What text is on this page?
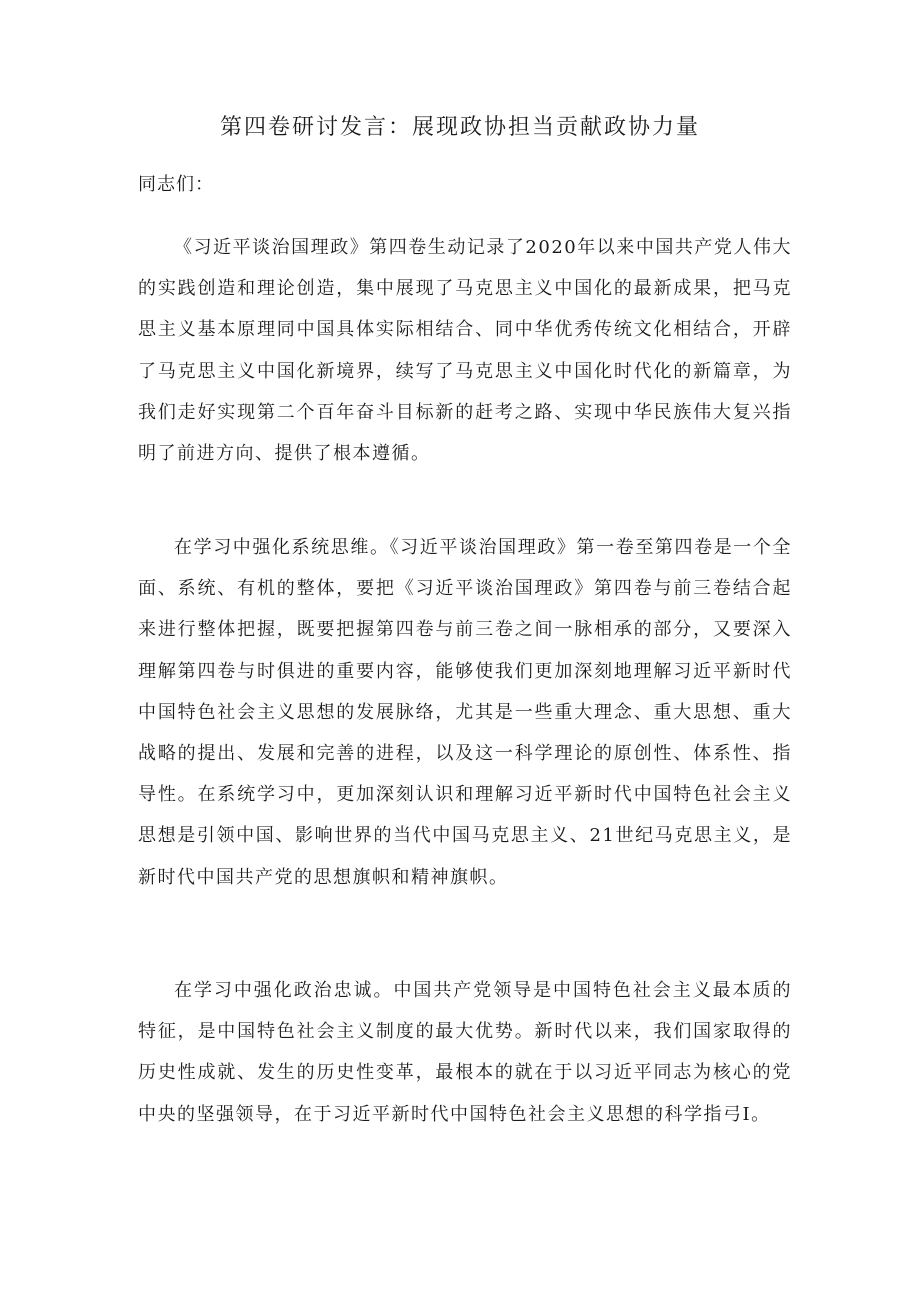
第四卷研讨发言：展现政协担当贡献政协力量
同志们：

《习近平谈治国理政》第四卷生动记录了2020年以来中国共产党人伟大的实践创造和理论创造，集中展现了马克思主义中国化的最新成果，把马克思主义基本原理同中国具体实际相结合、同中华优秀传统文化相结合，开辟了马克思主义中国化新境界，续写了马克思主义中国化时代化的新篇章，为我们走好实现第二个百年奋斗目标新的赶考之路、实现中华民族伟大复兴指明了前进方向、提供了根本遵循。

在学习中强化系统思维。《习近平谈治国理政》第一卷至第四卷是一个全面、系统、有机的整体，要把《习近平谈治国理政》第四卷与前三卷结合起来进行整体把握，既要把握第四卷与前三卷之间一脉相承的部分，又要深入理解第四卷与时俱进的重要内容，能够使我们更加深刻地理解习近平新时代中国特色社会主义思想的发展脉络，尤其是一些重大理念、重大思想、重大战略的提出、发展和完善的进程，以及这一科学理论的原创性、体系性、指导性。在系统学习中，更加深刻认识和理解习近平新时代中国特色社会主义思想是引领中国、影响世界的当代中国马克思主义、21世纪马克思主义，是新时代中国共产党的思想旗帜和精神旗帜。

在学习中强化政治忠诚。中国共产党领导是中国特色社会主义最本质的特征，是中国特色社会主义制度的最大优势。新时代以来，我们国家取得的历史性成就、发生的历史性变革，最根本的就在于以习近平同志为核心的党中央的坚强领导，在于习近平新时代中国特色社会主义思想的科学指弓I。
